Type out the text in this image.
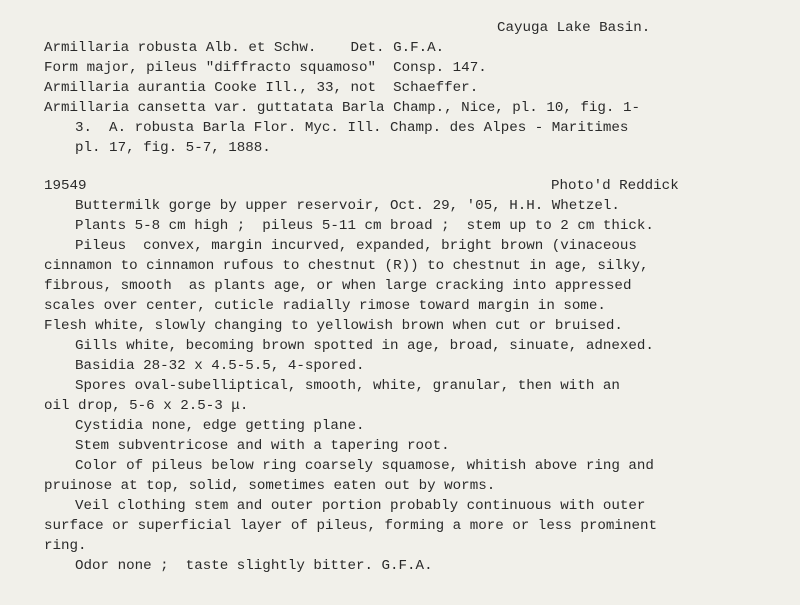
Cayuga Lake Basin.
Armillaria robusta Alb. et Schw.    Det. G.F.A.
Form major, pileus "diffracto squamoso"  Consp. 147.
Armillaria aurantia Cooke Ill., 33, not  Schaeffer.
Armillaria cansetta var. guttatata Barla Champ., Nice, pl. 10, fig. 1-
3.  A. robusta Barla Flor. Myc. Ill. Champ. des Alpes - Maritimes
pl. 17, fig. 5-7, 1888.
19549	Photo'd Reddick
Buttermilk gorge by upper reservoir, Oct. 29, '05, H.H. Whetzel.
Plants 5-8 cm high ;  pileus 5-11 cm broad ;  stem up to 2 cm thick.
Pileus  convex, margin incurved, expanded, bright brown (vinaceous
cinnamon to cinnamon rufous to chestnut (R)) to chestnut in age, silky,
fibrous, smooth  as plants age, or when large cracking into appressed
scales over center, cuticle radially rimose toward margin in some.
Flesh white, slowly changing to yellowish brown when cut or bruised.
Gills white, becoming brown spotted in age, broad, sinuate, adnexed.
Basidia 28-32 x 4.5-5.5, 4-spored.
Spores oval-subelliptical, smooth, white, granular, then with an
oil drop, 5-6 x 2.5-3 μ.
Cystidia none, edge getting plane.
Stem subventricose and with a tapering root.
Color of pileus below ring coarsely squamose, whitish above ring and
pruinose at top, solid, sometimes eaten out by worms.
Veil clothing stem and outer portion probably continuous with outer
surface or superficial layer of pileus, forming a more or less prominent
ring.
Odor none ;  taste slightly bitter. G.F.A.
